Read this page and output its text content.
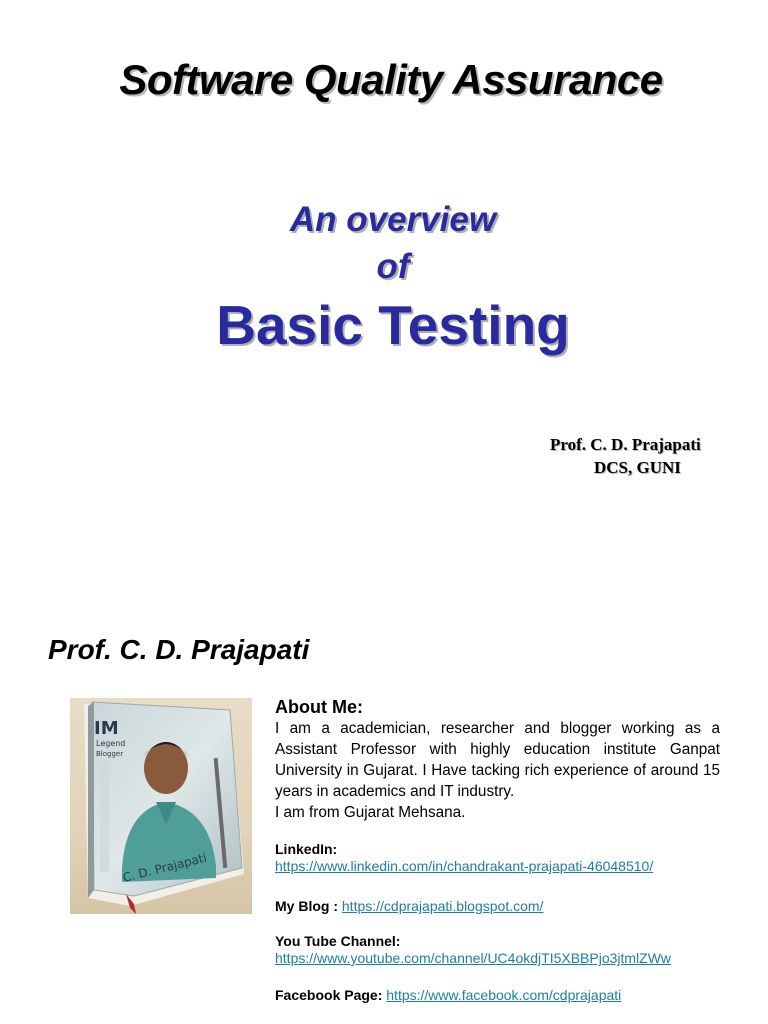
Software Quality Assurance
An overview
of
Basic Testing
Prof. C. D. Prajapati
DCS, GUNI
Prof. C. D. Prajapati
IM
Legend
Blogger
C. D. Prajapati
About Me:
I am a academician, researcher and blogger working as a Assistant Professor with highly education institute Ganpat University in Gujarat. I Have tacking rich experience of around 15 years in academics and IT industry.
I am from Gujarat Mehsana.
LinkedIn:
https://www.linkedin.com/in/chandrakant-prajapati-46048510/
My Blog : https://cdprajapati.blogspot.com/
You Tube Channel:
https://www.youtube.com/channel/UC4okdjTI5XBBPjo3jtmlZWw
Facebook Page: https://www.facebook.com/cdprajapati
